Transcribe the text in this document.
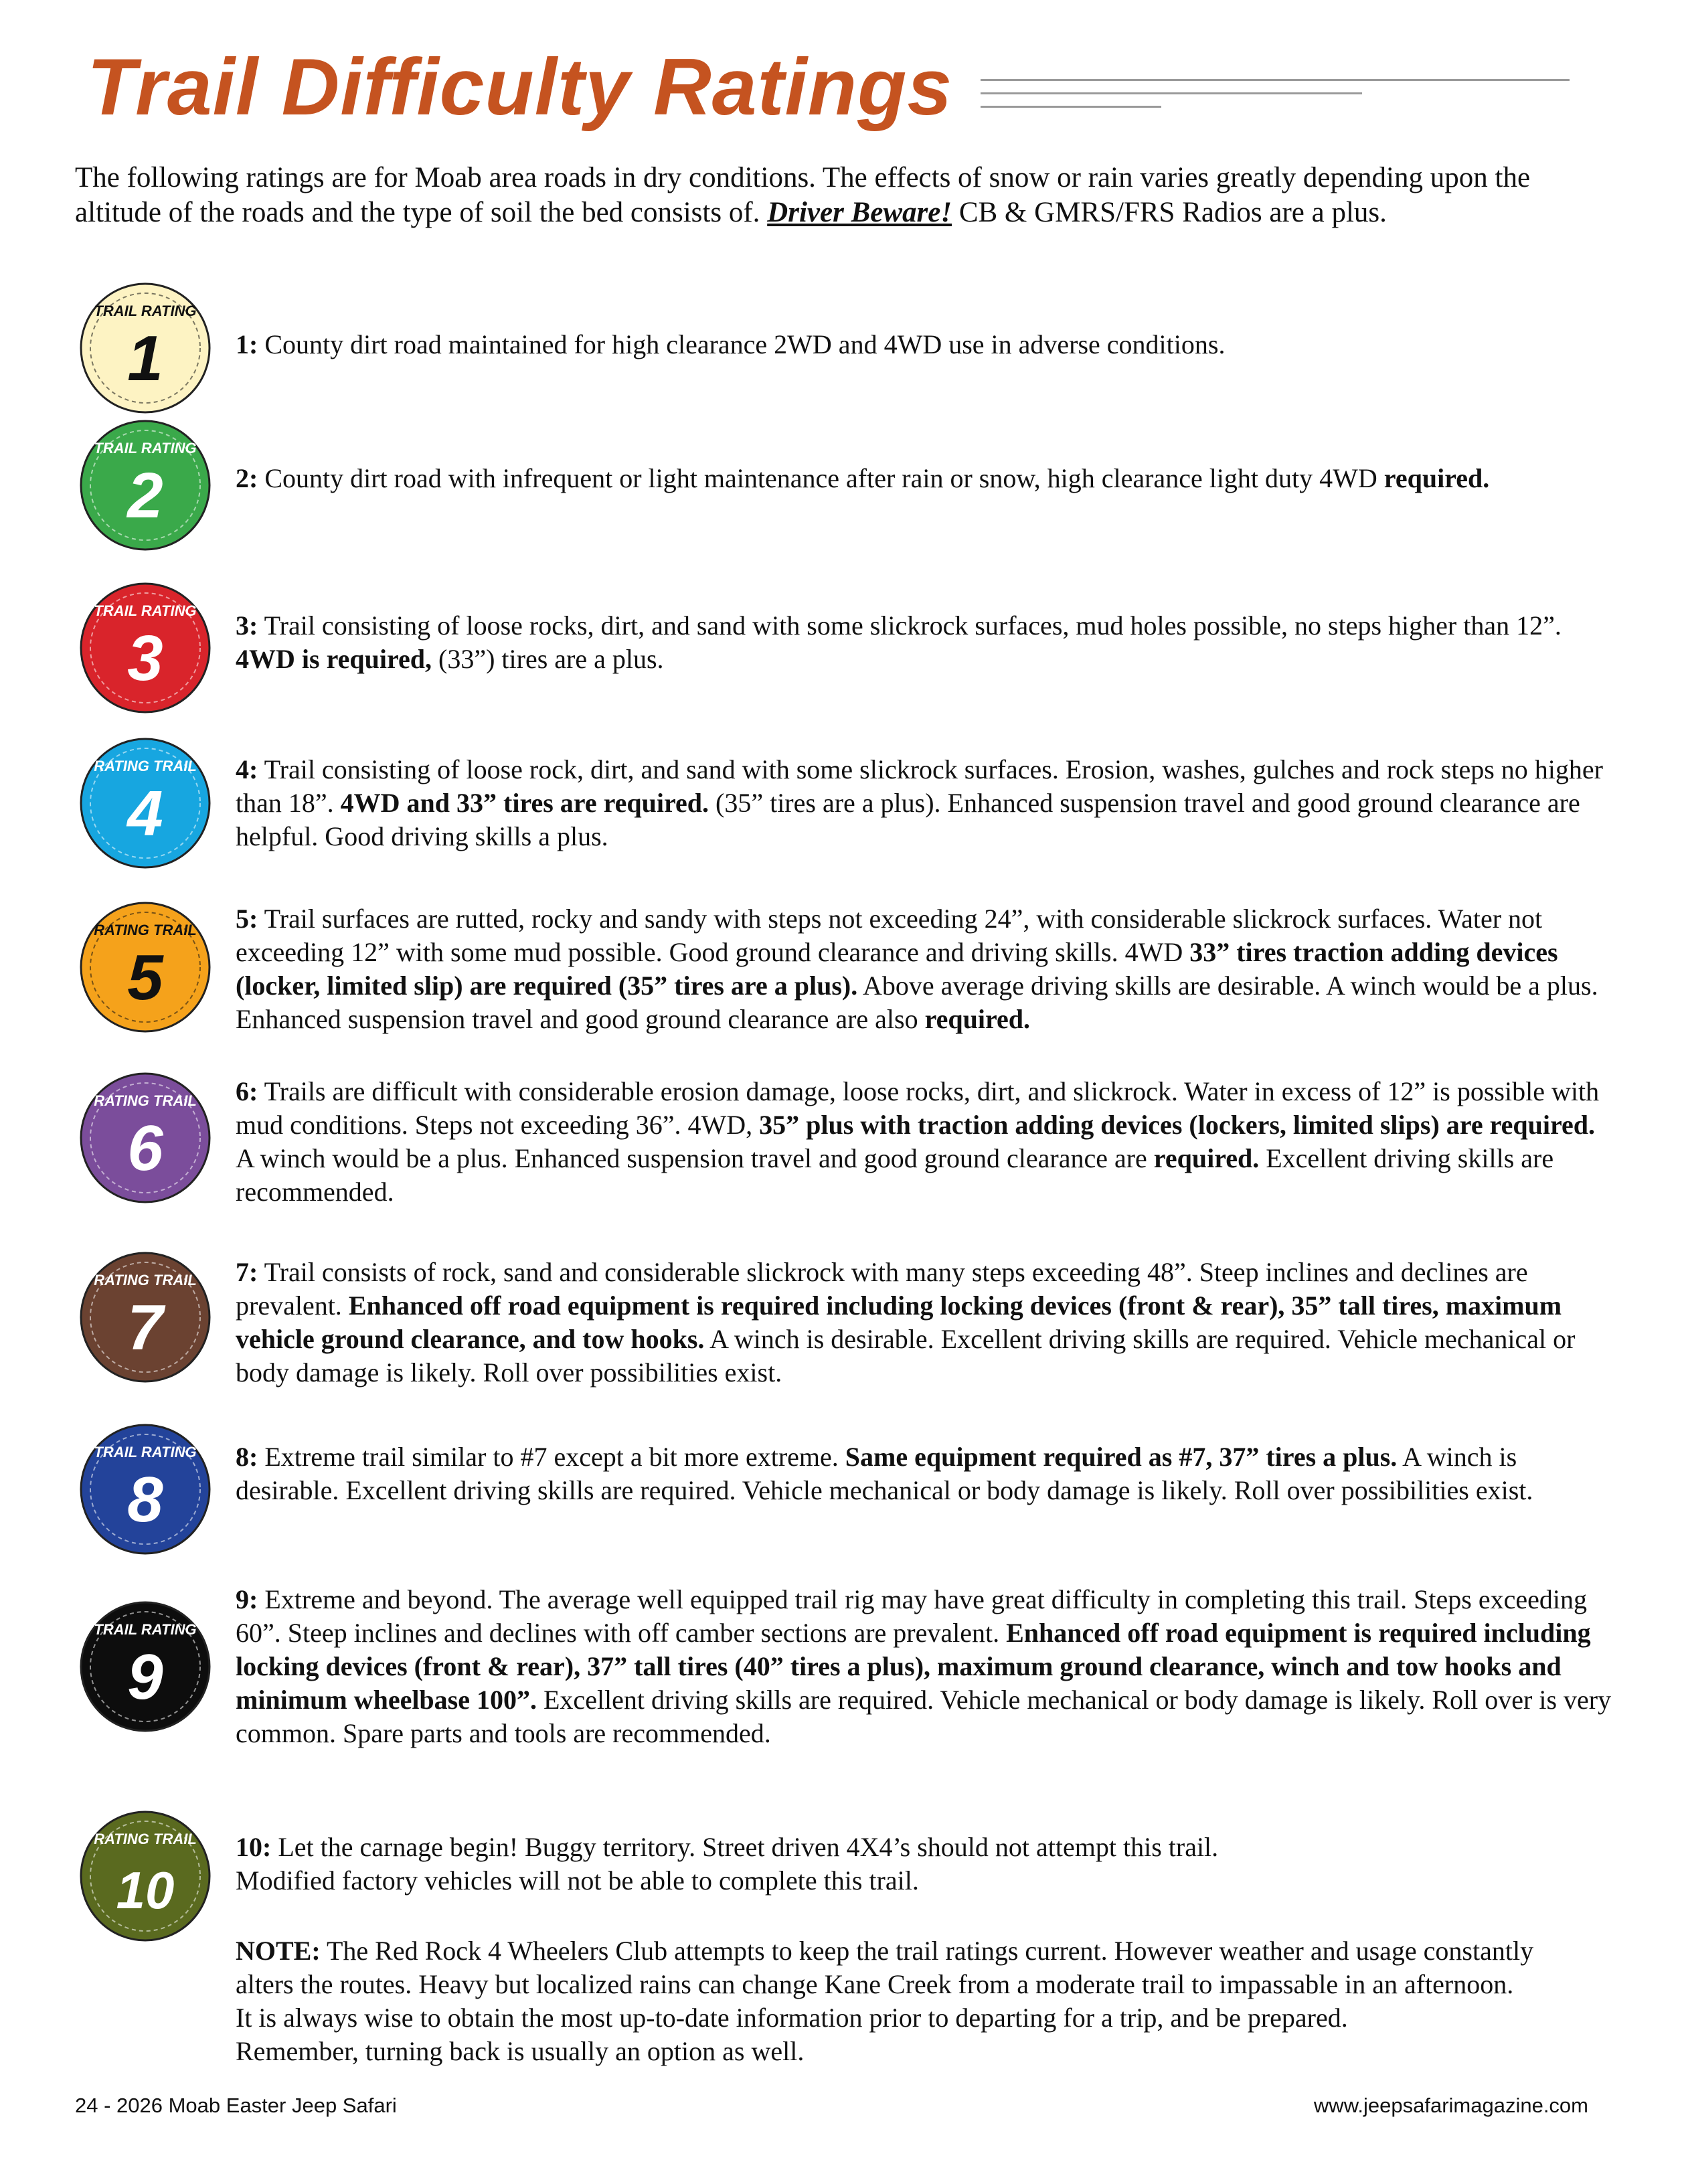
Trail Difficulty Ratings

The following ratings are for Moab area roads in dry conditions. The effects of snow or rain varies greatly depending upon the altitude of the roads and the type of soil the bed consists of. Driver Beware! CB & GMRS/FRS Radios are a plus.

TRAIL RATING
1	1: County dirt road maintained for high clearance 2WD and 4WD use in adverse conditions.

TRAIL RATING
2	2: County dirt road with infrequent or light maintenance after rain or snow, high clearance light duty 4WD required.

TRAIL RATING
3	3: Trail consisting of loose rocks, dirt, and sand with some slickrock surfaces, mud holes possible, no steps higher than 12”. 4WD is required, (33”) tires are a plus.

RATING TRAIL
4

4: Trail consisting of loose rock, dirt, and sand with some slickrock surfaces. Erosion, washes, gulches and rock steps no higher than 18”. 4WD and 33” tires are required. (35” tires are a plus). Enhanced suspension travel and good ground clearance are helpful. Good driving skills a plus.

RATING TRAIL
5

5: Trail surfaces are rutted, rocky and sandy with steps not exceeding 24”, with considerable slickrock surfaces. Water not exceeding 12” with some mud possible. Good ground clearance and driving skills. 4WD 33” tires traction adding devices (locker, limited slip) are required (35” tires are a plus). Above average driving skills are desirable. A winch would be a plus. Enhanced suspension travel and good ground clearance are also required.

RATING TRAIL
6

6: Trails are difficult with considerable erosion damage, loose rocks, dirt, and slickrock. Water in excess of 12” is possible with mud conditions. Steps not exceeding 36”. 4WD, 35” plus with traction adding devices (lockers, limited slips) are required. A winch would be a plus. Enhanced suspension travel and good ground clearance are required. Excellent driving skills are recommended.

RATING TRAIL
7

7: Trail consists of rock, sand and considerable slickrock with many steps exceeding 48”. Steep inclines and declines are prevalent. Enhanced off road equipment is required including locking devices (front & rear), 35” tall tires, maximum vehicle ground clearance, and tow hooks. A winch is desirable. Excellent driving skills are required. Vehicle mechanical or body damage is likely. Roll over possibilities exist.

TRAIL RATING
8

8: Extreme trail similar to #7 except a bit more extreme. Same equipment required as #7, 37” tires a plus. A winch is desirable. Excellent driving skills are required. Vehicle mechanical or body damage is likely. Roll over possibilities exist.

TRAIL RATING
9

9: Extreme and beyond. The average well equipped trail rig may have great difficulty in completing this trail. Steps exceeding 60”. Steep inclines and declines with off camber sections are prevalent. Enhanced off road equipment is required including locking devices (front & rear), 37” tall tires (40” tires a plus), maximum ground clearance, winch and tow hooks and minimum wheelbase 100”. Excellent driving skills are required. Vehicle mechanical or body damage is likely. Roll over is very common. Spare parts and tools are recommended.

RATING TRAIL
10

10: Let the carnage begin! Buggy territory. Street driven 4X4’s should not attempt this trail.
Modified factory vehicles will not be able to complete this trail.

NOTE: The Red Rock 4 Wheelers Club attempts to keep the trail ratings current. However weather and usage constantly
alters the routes. Heavy but localized rains can change Kane Creek from a moderate trail to impassable in an afternoon.
It is always wise to obtain the most up-to-date information prior to departing for a trip, and be prepared.
Remember, turning back is usually an option as well.

24 - 2026 Moab Easter Jeep Safari	www.jeepsafarimagazine.com
